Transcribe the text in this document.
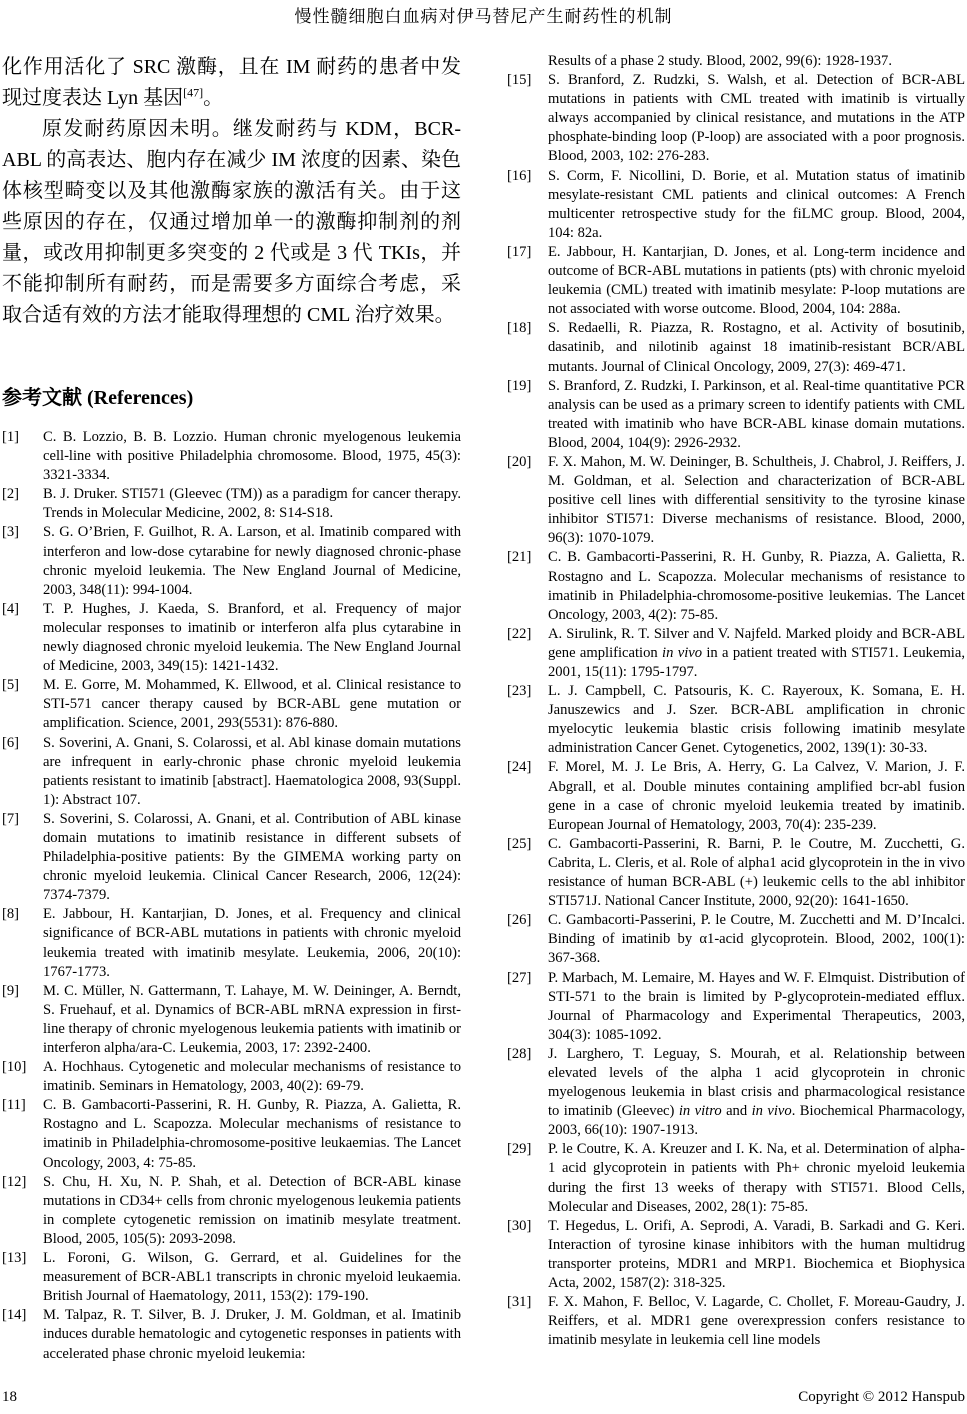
慢性髓细胞白血病对伊马替尼产生耐药性的机制

化作用活化了 SRC 激酶，且在 IM 耐药的患者中发现过度表达 Lyn 基因[47]。

原发耐药原因未明。继发耐药与 KDM，BCR-ABL 的高表达、胞内存在减少 IM 浓度的因素、染色体核型畸变以及其他激酶家族的激活有关。由于这些原因的存在，仅通过增加单一的激酶抑制剂的剂量，或改用抑制更多突变的 2 代或是 3 代 TKIs，并不能抑制所有耐药，而是需要多方面综合考虑，采取合适有效的方法才能取得理想的 CML 治疗效果。

参考文献 (References)
[1]	C. B. Lozzio, B. B. Lozzio. Human chronic myelogenous leukemia cell-line with positive Philadelphia chromosome. Blood, 1975, 45(3): 3321-3334.
[2]	B. J. Druker. STI571 (Gleevec (TM)) as a paradigm for cancer therapy. Trends in Molecular Medicine, 2002, 8: S14-S18.
[3]	S. G. O’Brien, F. Guilhot, R. A. Larson, et al. Imatinib compared with interferon and low-dose cytarabine for newly diagnosed chronic-phase chronic myeloid leukemia. The New England Journal of Medicine, 2003, 348(11): 994-1004.
[4]	T. P. Hughes, J. Kaeda, S. Branford, et al. Frequency of major molecular responses to imatinib or interferon alfa plus cytarabine in newly diagnosed chronic myeloid leukemia. The New England Journal of Medicine, 2003, 349(15): 1421-1432.
[5]	M. E. Gorre, M. Mohammed, K. Ellwood, et al. Clinical resistance to STI-571 cancer therapy caused by BCR-ABL gene mutation or amplification. Science, 2001, 293(5531): 876-880.
[6]	S. Soverini, A. Gnani, S. Colarossi, et al. Abl kinase domain mutations are infrequent in early-chronic phase chronic myeloid leukemia patients resistant to imatinib [abstract]. Haematologica 2008, 93(Suppl. 1): Abstract 107.
[7]	S. Soverini, S. Colarossi, A. Gnani, et al. Contribution of ABL kinase domain mutations to imatinib resistance in different subsets of Philadelphia-positive patients: By the GIMEMA working party on chronic myeloid leukemia. Clinical Cancer Research, 2006, 12(24): 7374-7379.
[8]	E. Jabbour, H. Kantarjian, D. Jones, et al. Frequency and clinical significance of BCR-ABL mutations in patients with chronic myeloid leukemia treated with imatinib mesylate. Leukemia, 2006, 20(10): 1767-1773.
[9]	M. C. Müller, N. Gattermann, T. Lahaye, M. W. Deininger, A. Berndt, S. Fruehauf, et al. Dynamics of BCR-ABL mRNA expression in first-line therapy of chronic myelogenous leukemia patients with imatinib or interferon alpha/ara-C. Leukemia, 2003, 17: 2392-2400.
[10]	A. Hochhaus. Cytogenetic and molecular mechanisms of resistance to imatinib. Seminars in Hematology, 2003, 40(2): 69-79.
[11]	C. B. Gambacorti-Passerini, R. H. Gunby, R. Piazza, A. Galietta, R. Rostagno and L. Scapozza. Molecular mechanisms of resistance to imatinib in Philadelphia-chromosome-positive leukaemias. The Lancet Oncology, 2003, 4: 75-85.
[12]	S. Chu, H. Xu, N. P. Shah, et al. Detection of BCR-ABL kinase mutations in CD34+ cells from chronic myelogenous leukemia patients in complete cytogenetic remission on imatinib mesylate treatment. Blood, 2005, 105(5): 2093-2098.
[13]	L. Foroni, G. Wilson, G. Gerrard, et al. Guidelines for the measurement of BCR-ABL1 transcripts in chronic myeloid leukaemia. British Journal of Haematology, 2011, 153(2): 179-190.
[14]	M. Talpaz, R. T. Silver, B. J. Druker, J. M. Goldman, et al. Imatinib induces durable hematologic and cytogenetic responses in patients with accelerated phase chronic myeloid leukemia:
Results of a phase 2 study. Blood, 2002, 99(6): 1928-1937.
[15]	S. Branford, Z. Rudzki, S. Walsh, et al. Detection of BCR-ABL mutations in patients with CML treated with imatinib is virtually always accompanied by clinical resistance, and mutations in the ATP phosphate-binding loop (P-loop) are associated with a poor prognosis. Blood, 2003, 102: 276-283.
[16]	S. Corm, F. Nicollini, D. Borie, et al. Mutation status of imatinib mesylate-resistant CML patients and clinical outcomes: A French multicenter retrospective study for the fiLMC group. Blood, 2004, 104: 82a.
[17]	E. Jabbour, H. Kantarjian, D. Jones, et al. Long-term incidence and outcome of BCR-ABL mutations in patients (pts) with chronic myeloid leukemia (CML) treated with imatinib mesylate: P-loop mutations are not associated with worse outcome. Blood, 2004, 104: 288a.
[18]	S. Redaelli, R. Piazza, R. Rostagno, et al. Activity of bosutinib, dasatinib, and nilotinib against 18 imatinib-resistant BCR/ABL mutants. Journal of Clinical Oncology, 2009, 27(3): 469-471.
[19]	S. Branford, Z. Rudzki, I. Parkinson, et al. Real-time quantitative PCR analysis can be used as a primary screen to identify patients with CML treated with imatinib who have BCR-ABL kinase domain mutations. Blood, 2004, 104(9): 2926-2932.
[20]	F. X. Mahon, M. W. Deininger, B. Schultheis, J. Chabrol, J. Reiffers, J. M. Goldman, et al. Selection and characterization of BCR-ABL positive cell lines with differential sensitivity to the tyrosine kinase inhibitor STI571: Diverse mechanisms of resistance. Blood, 2000, 96(3): 1070-1079.
[21]	C. B. Gambacorti-Passerini, R. H. Gunby, R. Piazza, A. Galietta, R. Rostagno and L. Scapozza. Molecular mechanisms of resistance to imatinib in Philadelphia-chromosome-positive leukemias. The Lancet Oncology, 2003, 4(2): 75-85.
[22]	A. Sirulink, R. T. Silver and V. Najfeld. Marked ploidy and BCR-ABL gene amplification in vivo in a patient treated with STI571. Leukemia, 2001, 15(11): 1795-1797.
[23]	L. J. Campbell, C. Patsouris, K. C. Rayeroux, K. Somana, E. H. Januszewics and J. Szer. BCR-ABL amplification in chronic myelocytic leukemia blastic crisis following imatinib mesylate administration Cancer Genet. Cytogenetics, 2002, 139(1): 30-33.
[24]	F. Morel, M. J. Le Bris, A. Herry, G. La Calvez, V. Marion, J. F. Abgrall, et al. Double minutes containing amplified bcr-abl fusion gene in a case of chronic myeloid leukemia treated by imatinib. European Journal of Hematology, 2003, 70(4): 235-239.
[25]	C. Gambacorti-Passerini, R. Barni, P. le Coutre, M. Zucchetti, G. Cabrita, L. Cleris, et al. Role of alpha1 acid glycoprotein in the in vivo resistance of human BCR-ABL (+) leukemic cells to the abl inhibitor STI571J. National Cancer Institute, 2000, 92(20): 1641-1650.
[26]	C. Gambacorti-Passerini, P. le Coutre, M. Zucchetti and M. D’Incalci. Binding of imatinib by α1-acid glycoprotein. Blood, 2002, 100(1): 367-368.
[27]	P. Marbach, M. Lemaire, M. Hayes and W. F. Elmquist. Distribution of STI-571 to the brain is limited by P-glycoprotein-mediated efflux. Journal of Pharmacology and Experimental Therapeutics, 2003, 304(3): 1085-1092.
[28]	J. Larghero, T. Leguay, S. Mourah, et al. Relationship between elevated levels of the alpha 1 acid glycoprotein in chronic myelogenous leukemia in blast crisis and pharmacological resistance to imatinib (Gleevec) in vitro and in vivo. Biochemical Pharmacology, 2003, 66(10): 1907-1913.
[29]	P. le Coutre, K. A. Kreuzer and I. K. Na, et al. Determination of alpha-1 acid glycoprotein in patients with Ph+ chronic myeloid leukemia during the first 13 weeks of therapy with STI571. Blood Cells, Molecular and Diseases, 2002, 28(1): 75-85.
[30]	T. Hegedus, L. Orifi, A. Seprodi, A. Varadi, B. Sarkadi and G. Keri. Interaction of tyrosine kinase inhibitors with the human multidrug transporter proteins, MDR1 and MRP1. Biochemica et Biophysica Acta, 2002, 1587(2): 318-325.
[31]	F. X. Mahon, F. Belloc, V. Lagarde, C. Chollet, F. Moreau-Gaudry, J. Reiffers, et al. MDR1 gene overexpression confers resistance to imatinib mesylate in leukemia cell line models
18	Copyright © 2012 Hanspub
